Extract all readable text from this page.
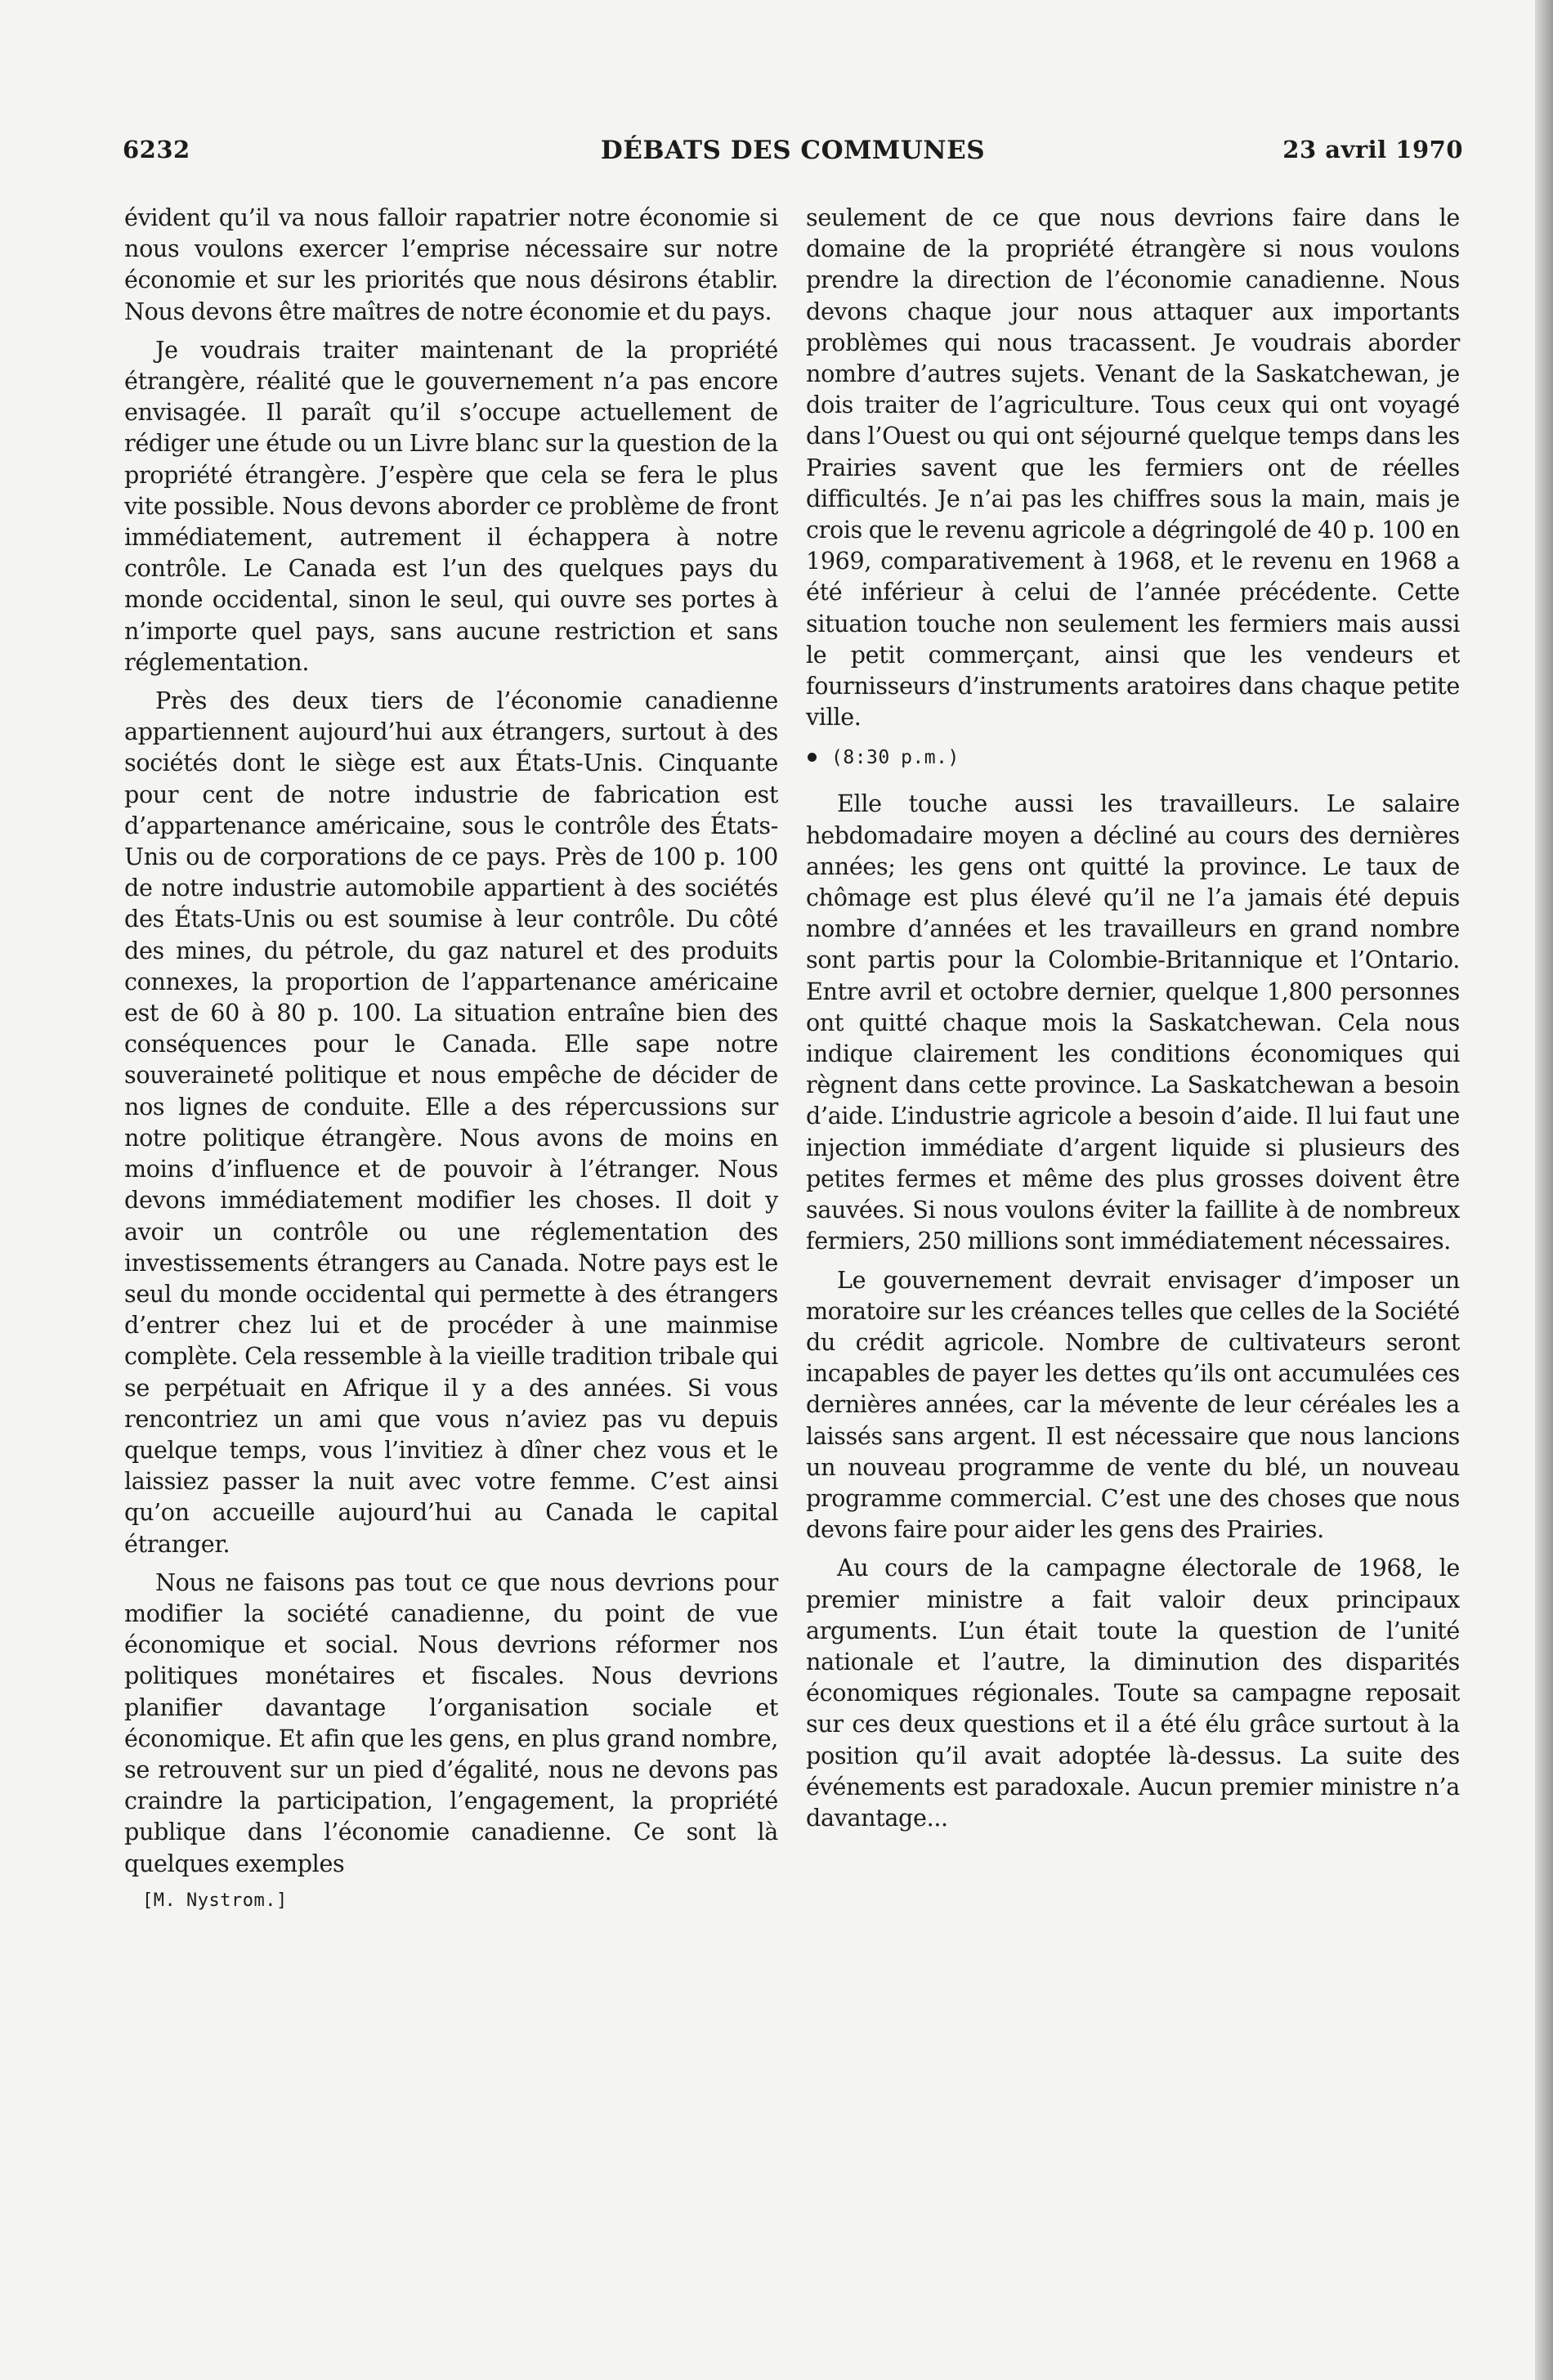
6232	DÉBATS DES COMMUNES	23 avril 1970

évident qu’il va nous falloir rapatrier notre économie si nous voulons exercer l’emprise nécessaire sur notre économie et sur les priorités que nous désirons établir. Nous devons être maîtres de notre économie et du pays.

Je voudrais traiter maintenant de la propriété étrangère, réalité que le gouvernement n’a pas encore envisagée. Il paraît qu’il s’occupe actuellement de rédiger une étude ou un Livre blanc sur la question de la propriété étrangère. J’espère que cela se fera le plus vite possible. Nous devons aborder ce problème de front immédiatement, autrement il échappera à notre contrôle. Le Canada est l’un des quelques pays du monde occidental, sinon le seul, qui ouvre ses portes à n’importe quel pays, sans aucune restriction et sans réglementation.

Près des deux tiers de l’économie canadienne appartiennent aujourd’hui aux étrangers, surtout à des sociétés dont le siège est aux États-Unis. Cinquante pour cent de notre industrie de fabrication est d’appartenance américaine, sous le contrôle des États-Unis ou de corporations de ce pays. Près de 100 p. 100 de notre industrie automobile appartient à des sociétés des États-Unis ou est soumise à leur contrôle. Du côté des mines, du pétrole, du gaz naturel et des produits connexes, la proportion de l’appartenance américaine est de 60 à 80 p. 100. La situation entraîne bien des conséquences pour le Canada. Elle sape notre souveraineté politique et nous empêche de décider de nos lignes de conduite. Elle a des répercussions sur notre politique étrangère. Nous avons de moins en moins d’influence et de pouvoir à l’étranger. Nous devons immédiatement modifier les choses. Il doit y avoir un contrôle ou une réglementation des investissements étrangers au Canada. Notre pays est le seul du monde occidental qui permette à des étrangers d’entrer chez lui et de procéder à une mainmise complète. Cela ressemble à la vieille tradition tribale qui se perpétuait en Afrique il y a des années. Si vous rencontriez un ami que vous n’aviez pas vu depuis quelque temps, vous l’invitiez à dîner chez vous et le laissiez passer la nuit avec votre femme. C’est ainsi qu’on accueille aujourd’hui au Canada le capital étranger.

Nous ne faisons pas tout ce que nous devrions pour modifier la société canadienne, du point de vue économique et social. Nous devrions réformer nos politiques monétaires et fiscales. Nous devrions planifier davantage l’organisation sociale et économique. Et afin que les gens, en plus grand nombre, se retrouvent sur un pied d’égalité, nous ne devons pas craindre la participation, l’engagement, la propriété publique dans l’économie canadienne. Ce sont là quelques exemples

[M. Nystrom.]

seulement de ce que nous devrions faire dans le domaine de la propriété étrangère si nous voulons prendre la direction de l’économie canadienne. Nous devons chaque jour nous attaquer aux importants problèmes qui nous tracassent. Je voudrais aborder nombre d’autres sujets. Venant de la Saskatchewan, je dois traiter de l’agriculture. Tous ceux qui ont voyagé dans l’Ouest ou qui ont séjourné quelque temps dans les Prairies savent que les fermiers ont de réelles difficultés. Je n’ai pas les chiffres sous la main, mais je crois que le revenu agricole a dégringolé de 40 p. 100 en 1969, comparativement à 1968, et le revenu en 1968 a été inférieur à celui de l’année précédente. Cette situation touche non seulement les fermiers mais aussi le petit commerçant, ainsi que les vendeurs et fournisseurs d’instruments aratoires dans chaque petite ville.

(8:30 p.m.)

Elle touche aussi les travailleurs. Le salaire hebdomadaire moyen a décliné au cours des dernières années; les gens ont quitté la province. Le taux de chômage est plus élevé qu’il ne l’a jamais été depuis nombre d’années et les travailleurs en grand nombre sont partis pour la Colombie-Britannique et l’Ontario. Entre avril et octobre dernier, quelque 1,800 personnes ont quitté chaque mois la Saskatchewan. Cela nous indique clairement les conditions économiques qui règnent dans cette province. La Saskatchewan a besoin d’aide. L’industrie agricole a besoin d’aide. Il lui faut une injection immédiate d’argent liquide si plusieurs des petites fermes et même des plus grosses doivent être sauvées. Si nous voulons éviter la faillite à de nombreux fermiers, 250 millions sont immédiatement nécessaires.

Le gouvernement devrait envisager d’imposer un moratoire sur les créances telles que celles de la Société du crédit agricole. Nombre de cultivateurs seront incapables de payer les dettes qu’ils ont accumulées ces dernières années, car la mévente de leur céréales les a laissés sans argent. Il est nécessaire que nous lancions un nouveau programme de vente du blé, un nouveau programme commercial. C’est une des choses que nous devons faire pour aider les gens des Prairies.

Au cours de la campagne électorale de 1968, le premier ministre a fait valoir deux principaux arguments. L’un était toute la question de l’unité nationale et l’autre, la diminution des disparités économiques régionales. Toute sa campagne reposait sur ces deux questions et il a été élu grâce surtout à la position qu’il avait adoptée là-dessus. La suite des événements est paradoxale. Aucun premier ministre n’a davantage...
